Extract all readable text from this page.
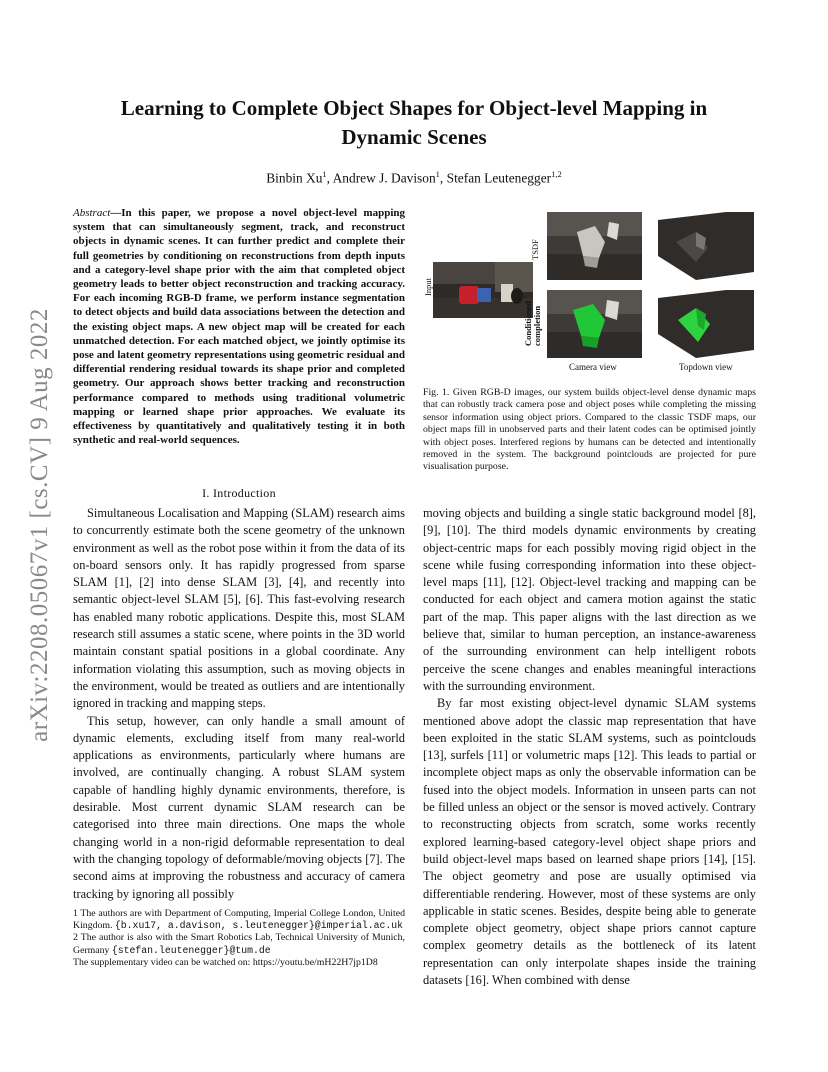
arXiv:2208.05067v1 [cs.CV] 9 Aug 2022
Learning to Complete Object Shapes for Object-level Mapping in Dynamic Scenes
Binbin Xu$^1$, Andrew J. Davison$^1$, Stefan Leutenegger$^{1,2}$
Abstract—In this paper, we propose a novel object-level mapping system that can simultaneously segment, track, and reconstruct objects in dynamic scenes. It can further predict and complete their full geometries by conditioning on reconstructions from depth inputs and a category-level shape prior with the aim that completed object geometry leads to better object reconstruction and tracking accuracy. For each incoming RGB-D frame, we perform instance segmentation to detect objects and build data associations between the detection and the existing object maps. A new object map will be created for each unmatched detection. For each matched object, we jointly optimise its pose and latent geometry representations using geometric residual and differential rendering residual towards its shape prior and completed geometry. Our approach shows better tracking and reconstruction performance compared to methods using traditional volumetric mapping or learned shape prior approaches. We evaluate its effectiveness by quantitatively and qualitatively testing it in both synthetic and real-world sequences.
I. Introduction

Simultaneous Localisation and Mapping (SLAM) research aims to concurrently estimate both the scene geometry of the unknown environment as well as the robot pose within it from the data of its on-board sensors only. It has rapidly progressed from sparse SLAM [1], [2] into dense SLAM [3], [4], and recently into semantic object-level SLAM [5], [6]. This fast-evolving research has enabled many robotic applications. Despite this, most SLAM research still assumes a static scene, where points in the 3D world maintain constant spatial positions in a global coordinate. Any information violating this assumption, such as moving objects in the environment, would be treated as outliers and are intentionally ignored in tracking and mapping steps.

This setup, however, can only handle a small amount of dynamic elements, excluding itself from many real-world applications as environments, particularly where humans are involved, are continually changing. A robust SLAM system capable of handling highly dynamic environments, therefore, is desirable. Most current dynamic SLAM research can be categorised into three main directions. One maps the whole changing world in a non-rigid deformable representation to deal with the changing topology of deformable/moving objects [7]. The second aims at improving the robustness and accuracy of camera tracking by ignoring all possibly

1 The authors are with Department of Computing, Imperial College London, United Kingdom. {b.xu17, a.davison, s.leutenegger}@imperial.ac.uk

2 The author is also with the Smart Robotics Lab, Technical University of Munich, Germany {stefan.leutenegger}@tum.de

The supplementary video can be watched on: https://youtu.be/mH22H7jp1D8

moving objects and building a single static background model [8], [9], [10]. The third models dynamic environments by creating object-centric maps for each possibly moving rigid object in the scene while fusing corresponding information into these object-level maps [11], [12]. Object-level tracking and mapping can be conducted for each object and camera motion against the static part of the map. This paper aligns with the last direction as we believe that, similar to human perception, an instance-awareness of the surrounding environment can help intelligent robots perceive the scene changes and enables meaningful interactions with the surrounding environment.

By far most existing object-level dynamic SLAM systems mentioned above adopt the classic map representation that have been exploited in the static SLAM systems, such as pointclouds [13], surfels [11] or volumetric maps [12]. This leads to partial or incomplete object maps as only the observable information can be fused into the object models. Information in unseen parts can not be filled unless an object or the sensor is moved actively. Contrary to reconstructing objects from scratch, some works recently explored learning-based category-level object shape priors and build object-level maps based on learned shape priors [14], [15]. The object geometry and pose are usually optimised via differentiable rendering. However, most of these systems are only applicable in static scenes. Besides, despite being able to generate complete object geometry, object shape priors cannot capture complex geometry details as the bottleneck of its latent representation can only interpolate shapes inside the training datasets [16]. When combined with dense

Input
TSDF
Conditioned completion
Camera view	Topdown view
Fig. 1. Given RGB-D images, our system builds object-level dense dynamic maps that can robustly track camera pose and object poses while completing the missing sensor information using object priors. Compared to the classic TSDF maps, our object maps fill in unobserved parts and their latent codes can be optimised jointly with object poses. Interfered regions by humans can be detected and intentionally removed in the system. The background pointclouds are projected for pure visualisation purpose.
